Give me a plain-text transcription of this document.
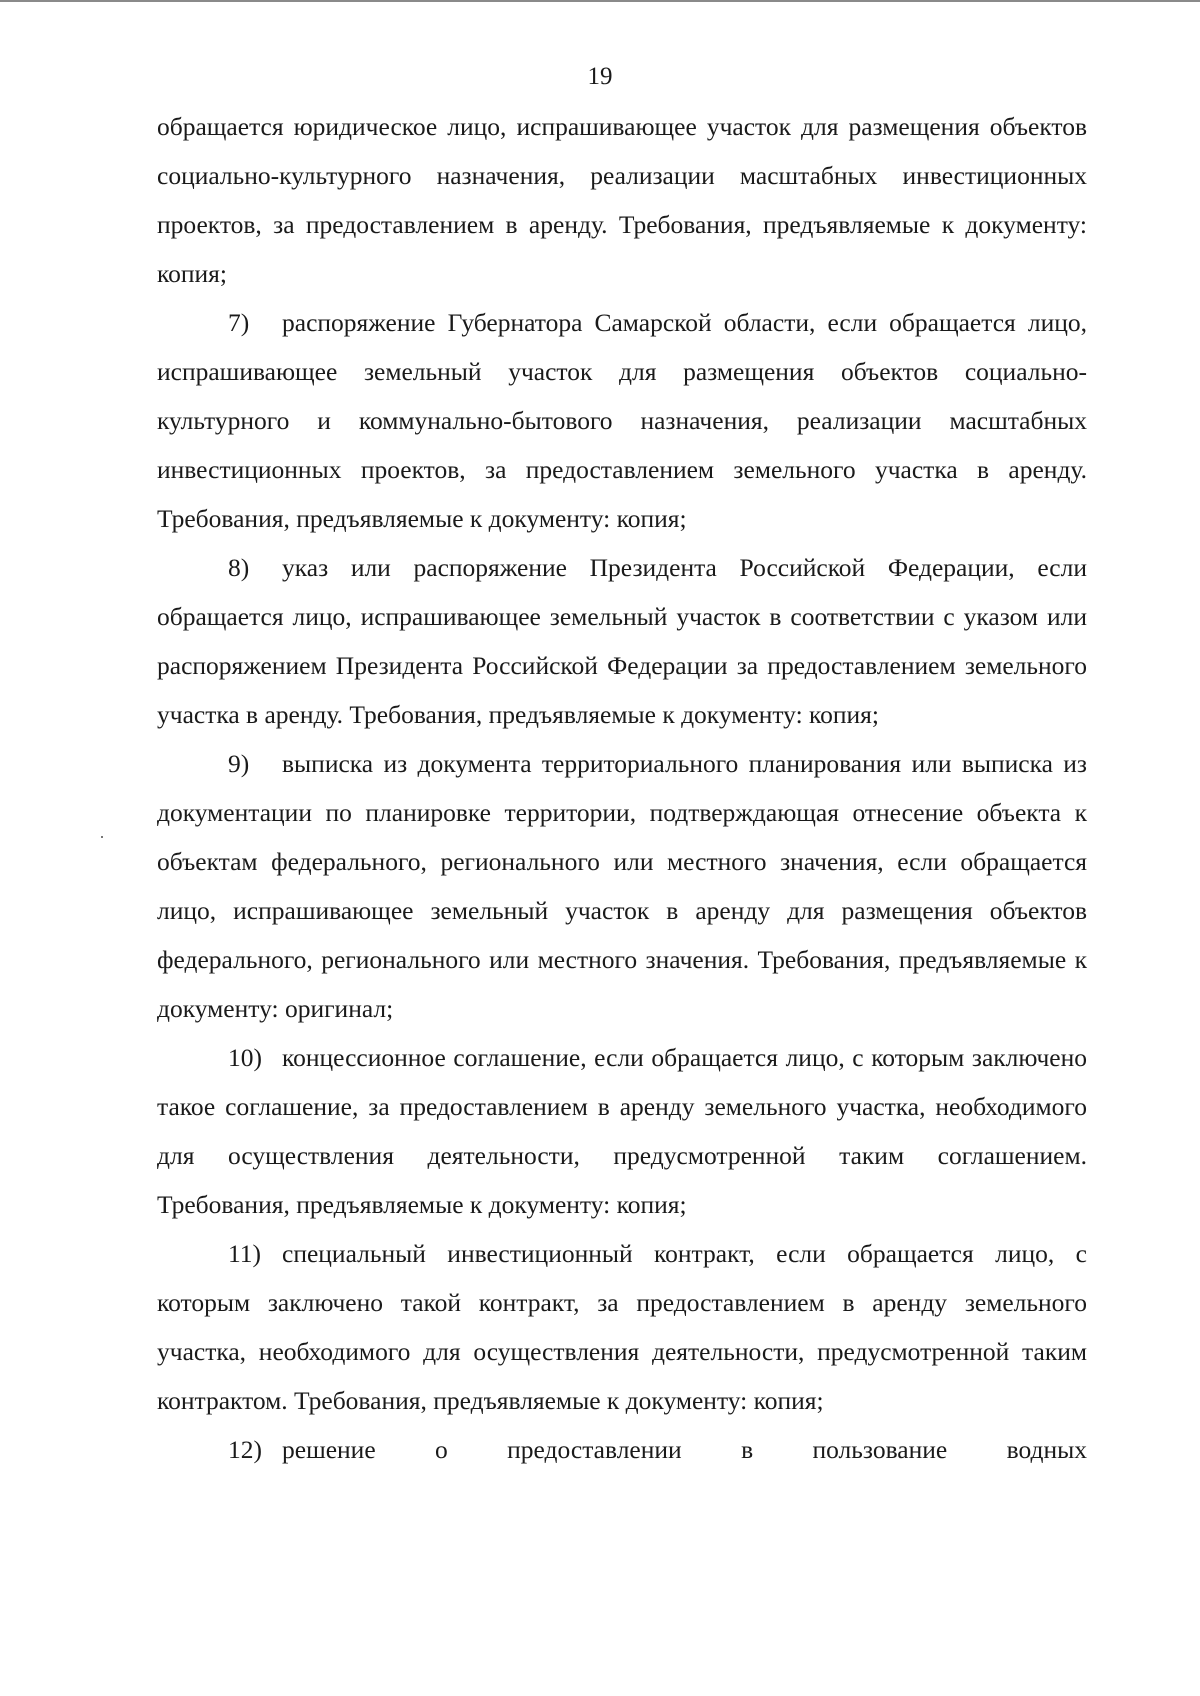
19

обращается юридическое лицо, испрашивающее участок для размещения объектов социально-культурного назначения, реализации масштабных инвестиционных проектов, за предоставлением в аренду. Требования, предъявляемые к документу: копия;

7) распоряжение Губернатора Самарской области, если обращается лицо, испрашивающее земельный участок для размещения объектов социально-культурного и коммунально-бытового назначения, реализации масштабных инвестиционных проектов, за предоставлением земельного участка в аренду. Требования, предъявляемые к документу: копия;

8) указ или распоряжение Президента Российской Федерации, если обращается лицо, испрашивающее земельный участок в соответствии с указом или распоряжением Президента Российской Федерации за предоставлением земельного участка в аренду. Требования, предъявляемые к документу: копия;

9) выписка из документа территориального планирования или выписка из документации по планировке территории, подтверждающая отнесение объекта к объектам федерального, регионального или местного значения, если обращается лицо, испрашивающее земельный участок в аренду для размещения объектов федерального, регионального или местного значения. Требования, предъявляемые к документу: оригинал;

10) концессионное соглашение, если обращается лицо, с которым заключено такое соглашение, за предоставлением в аренду земельного участка, необходимого для осуществления деятельности, предусмотренной таким соглашением. Требования, предъявляемые к документу: копия;

11) специальный инвестиционный контракт, если обращается лицо, с которым заключено такой контракт, за предоставлением в аренду земельного участка, необходимого для осуществления деятельности, предусмотренной таким контрактом. Требования, предъявляемые к документу: копия;

12) решение о предоставлении в пользование водных
